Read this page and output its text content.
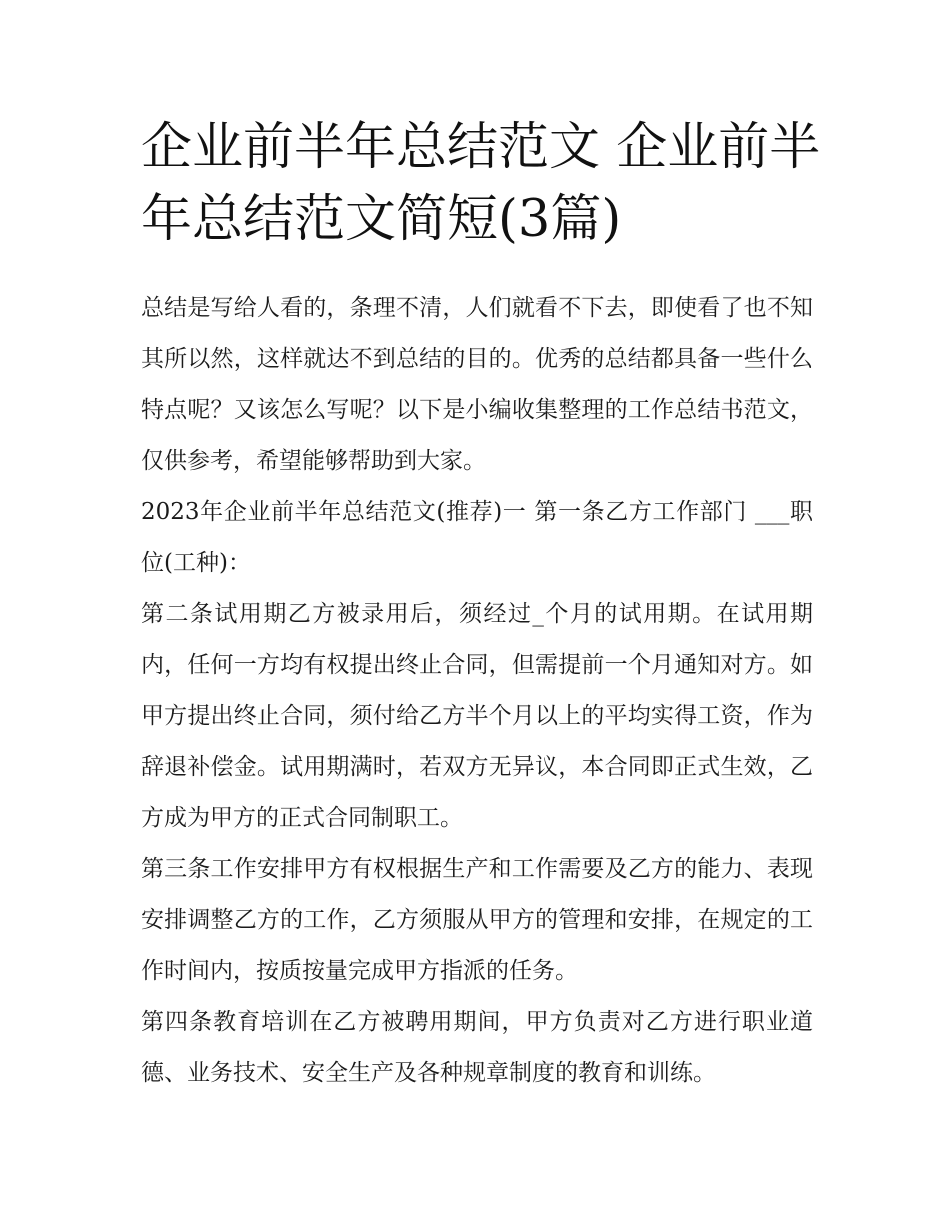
企业前半年总结范文 企业前半年总结范文简短(3篇)

总结是写给人看的，条理不清，人们就看不下去，即使看了也不知其所以然，这样就达不到总结的目的。优秀的总结都具备一些什么特点呢？又该怎么写呢？以下是小编收集整理的工作总结书范文，仅供参考，希望能够帮助到大家。

2023年企业前半年总结范文(推荐)一 第一条乙方工作部门 ___职位(工种)：

第二条试用期乙方被录用后，须经过_个月的试用期。在试用期内，任何一方均有权提出终止合同，但需提前一个月通知对方。如甲方提出终止合同，须付给乙方半个月以上的平均实得工资，作为辞退补偿金。试用期满时，若双方无异议，本合同即正式生效，乙方成为甲方的正式合同制职工。

第三条工作安排甲方有权根据生产和工作需要及乙方的能力、表现安排调整乙方的工作，乙方须服从甲方的管理和安排，在规定的工作时间内，按质按量完成甲方指派的任务。

第四条教育培训在乙方被聘用期间，甲方负责对乙方进行职业道德、业务技术、安全生产及各种规章制度的教育和训练。
